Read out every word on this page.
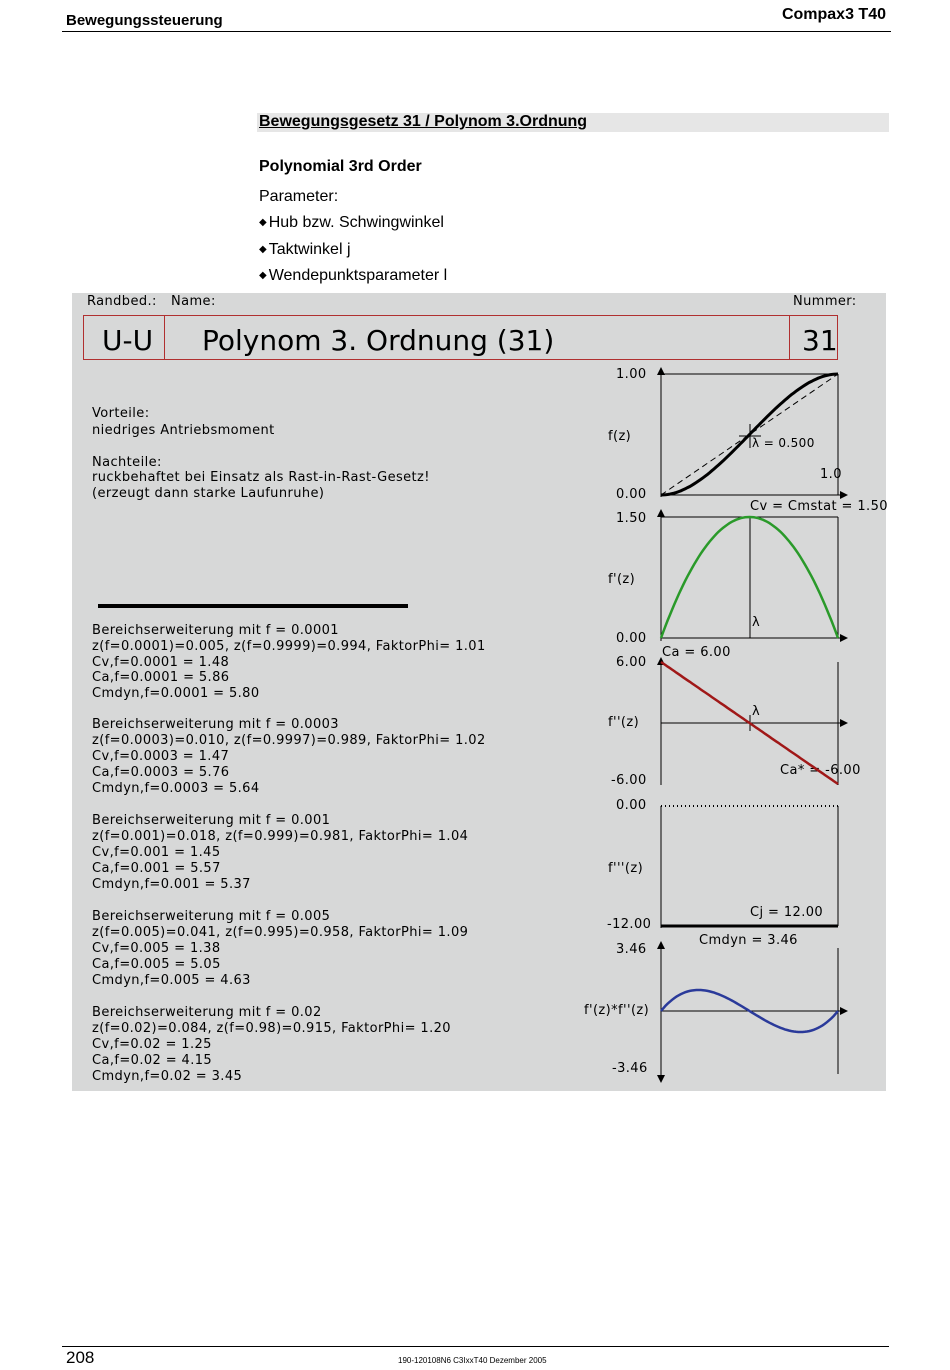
Bewegungssteuerung	Compax3 T40
Bewegungsgesetz 31 / Polynom 3.Ordnung
Polynomial 3rd Order
Parameter:
◆ Hub bzw. Schwingwinkel
◆ Taktwinkel j
◆ Wendepunktsparameter l
Randbed.: Name:	Nummer:
U-U Polynom 3. Ordnung (31)	31
Vorteile:
niedriges Antriebsmoment
Nachteile:
ruckbehaftet bei Einsatz als Rast-in-Rast-Gesetz!
(erzeugt dann starke Laufunruhe)
Bereichserweiterung mit f = 0.0001
z(f=0.0001)=0.005, z(f=0.9999)=0.994, FaktorPhi= 1.01
Cv,f=0.0001 = 1.48
Ca,f=0.0001 = 5.86
Cmdyn,f=0.0001 = 5.80
Bereichserweiterung mit f = 0.0003
z(f=0.0003)=0.010, z(f=0.9997)=0.989, FaktorPhi= 1.02
Cv,f=0.0003 = 1.47
Ca,f=0.0003 = 5.76
Cmdyn,f=0.0003 = 5.64
Bereichserweiterung mit f = 0.001
z(f=0.001)=0.018, z(f=0.999)=0.981, FaktorPhi= 1.04
Cv,f=0.001 = 1.45
Ca,f=0.001 = 5.57
Cmdyn,f=0.001 = 5.37
Bereichserweiterung mit f = 0.005
z(f=0.005)=0.041, z(f=0.995)=0.958, FaktorPhi= 1.09
Cv,f=0.005 = 1.38
Ca,f=0.005 = 5.05
Cmdyn,f=0.005 = 4.63
Bereichserweiterung mit f = 0.02
z(f=0.02)=0.084, z(f=0.98)=0.915, FaktorPhi= 1.20
Cv,f=0.02 = 1.25
Ca,f=0.02 = 4.15
Cmdyn,f=0.02 = 3.45
1.00
f(z)
0.00
λ = 0.500
1.0
1.50
Cv = Cmstat = 1.50
f'(z)
λ
0.00
6.00
Ca = 6.00
f''(z)
λ
Ca* = -6.00
-6.00
0.00
f'''(z)
Cj = 12.00
-12.00
3.46
Cmdyn = 3.46
f'(z)*f''(z)
-3.46
208	190-120108N6 C3IxxT40 Dezember 2005
